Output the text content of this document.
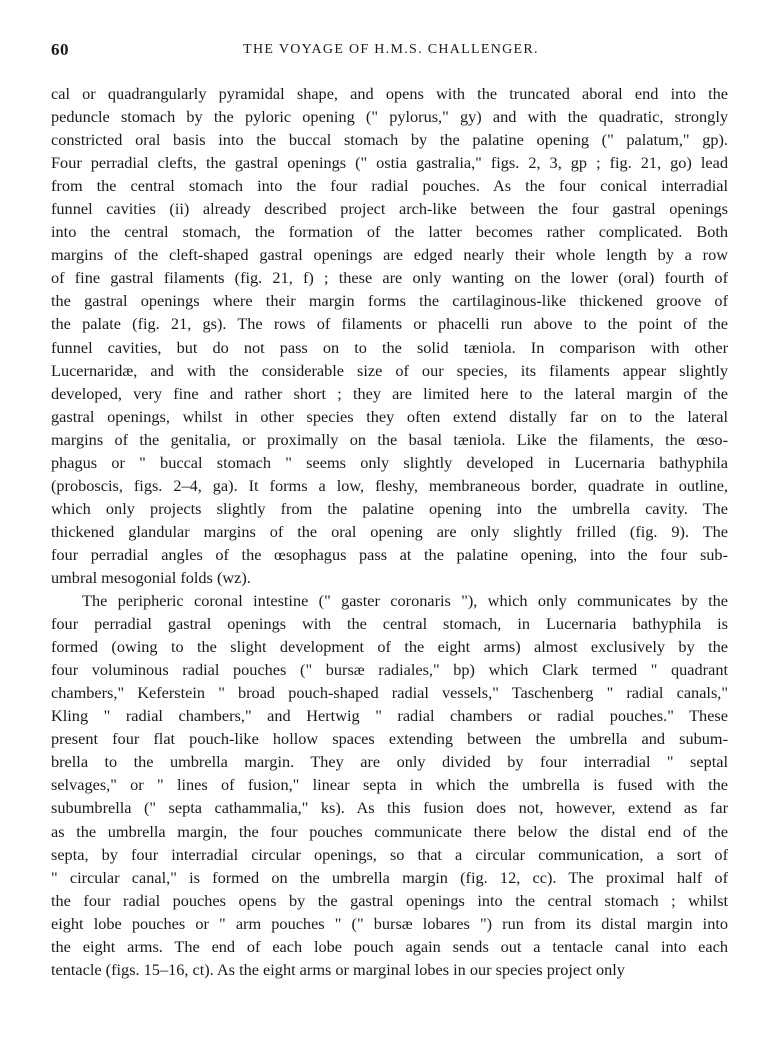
60	THE VOYAGE OF H.M.S. CHALLENGER.
cal or quadrangularly pyramidal shape, and opens with the truncated aboral end into the
peduncle stomach by the pyloric opening (" pylorus," gy) and with the quadratic, strongly
constricted oral basis into the buccal stomach by the palatine opening (" palatum," gp).
Four perradial clefts, the gastral openings (" ostia gastralia," figs. 2, 3, gp ; fig. 21, go) lead
from the central stomach into the four radial pouches. As the four conical interradial
funnel cavities (ii) already described project arch-like between the four gastral openings
into the central stomach, the formation of the latter becomes rather complicated. Both
margins of the cleft-shaped gastral openings are edged nearly their whole length by a row
of fine gastral filaments (fig. 21, f) ; these are only wanting on the lower (oral) fourth of
the gastral openings where their margin forms the cartilaginous-like thickened groove of
the palate (fig. 21, gs). The rows of filaments or phacelli run above to the point of the
funnel cavities, but do not pass on to the solid tæniola. In comparison with other
Lucernaridæ, and with the considerable size of our species, its filaments appear slightly
developed, very fine and rather short ; they are limited here to the lateral margin of the
gastral openings, whilst in other species they often extend distally far on to the lateral
margins of the genitalia, or proximally on the basal tæniola. Like the filaments, the œso-
phagus or " buccal stomach " seems only slightly developed in Lucernaria bathyphila
(proboscis, figs. 2–4, ga). It forms a low, fleshy, membraneous border, quadrate in outline,
which only projects slightly from the palatine opening into the umbrella cavity. The
thickened glandular margins of the oral opening are only slightly frilled (fig. 9). The
four perradial angles of the œsophagus pass at the palatine opening, into the four sub-
umbral mesogonial folds (wz).
The peripheric coronal intestine (" gaster coronaris "), which only communicates by the
four perradial gastral openings with the central stomach, in Lucernaria bathyphila is
formed (owing to the slight development of the eight arms) almost exclusively by the
four voluminous radial pouches (" bursæ radiales," bp) which Clark termed " quadrant
chambers," Keferstein " broad pouch-shaped radial vessels," Taschenberg " radial canals,"
Kling " radial chambers," and Hertwig " radial chambers or radial pouches." These
present four flat pouch-like hollow spaces extending between the umbrella and subum-
brella to the umbrella margin. They are only divided by four interradial " septal
selvages," or " lines of fusion," linear septa in which the umbrella is fused with the
subumbrella (" septa cathammalia," ks). As this fusion does not, however, extend as far
as the umbrella margin, the four pouches communicate there below the distal end of the
septa, by four interradial circular openings, so that a circular communication, a sort of
" circular canal," is formed on the umbrella margin (fig. 12, cc). The proximal half of
the four radial pouches opens by the gastral openings into the central stomach ; whilst
eight lobe pouches or " arm pouches " (" bursæ lobares ") run from its distal margin into
the eight arms. The end of each lobe pouch again sends out a tentacle canal into each
tentacle (figs. 15–16, ct). As the eight arms or marginal lobes in our species project only
